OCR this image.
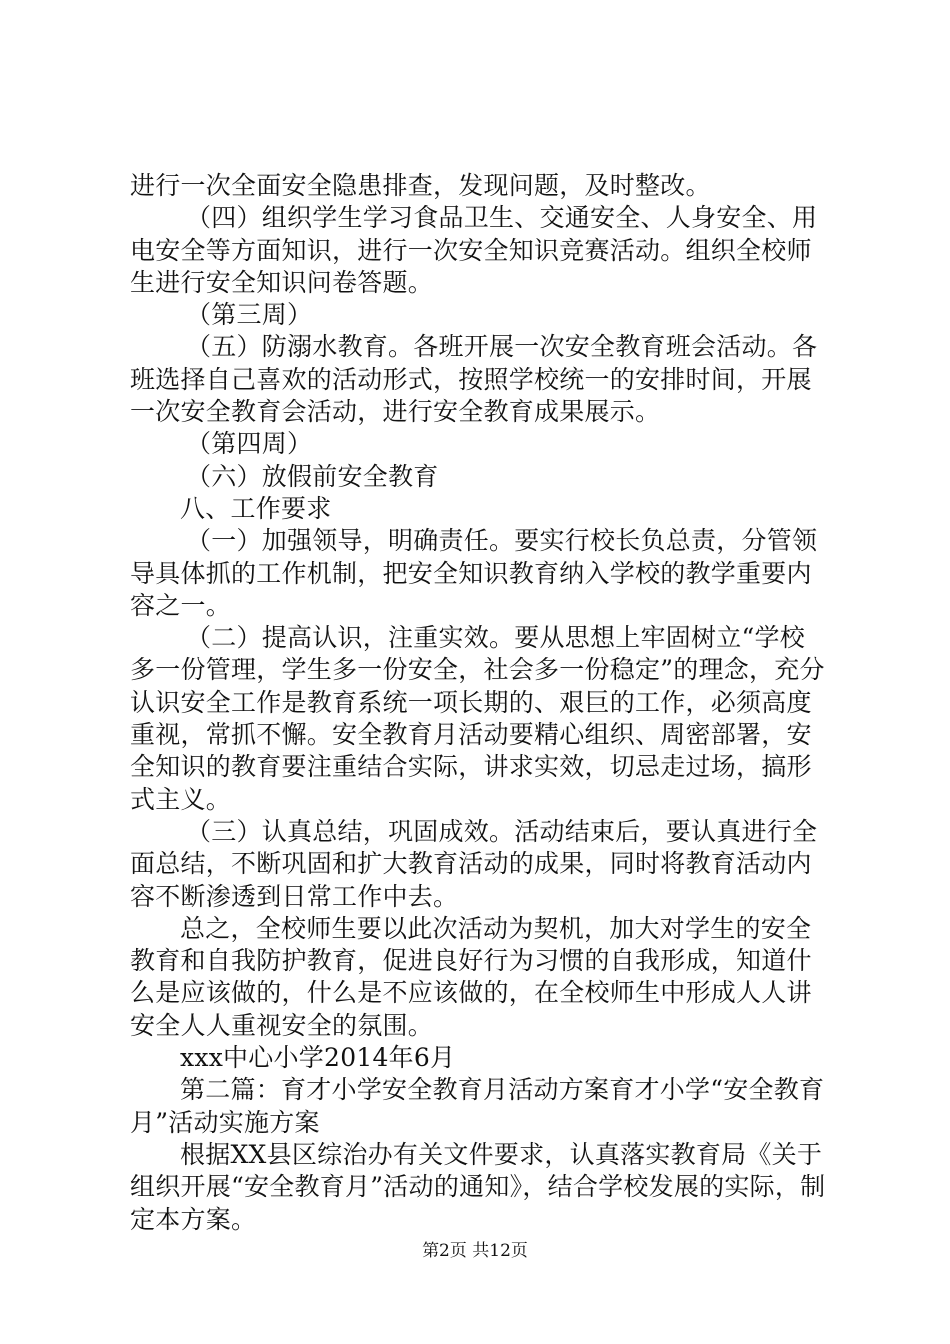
进行一次全面安全隐患排查，发现问题，及时整改。

（四）组织学生学习食品卫生、交通安全、人身安全、用电安全等方面知识，进行一次安全知识竞赛活动。组织全校师生进行安全知识问卷答题。

（第三周）

（五）防溺水教育。各班开展一次安全教育班会活动。各班选择自己喜欢的活动形式，按照学校统一的安排时间，开展一次安全教育会活动，进行安全教育成果展示。

（第四周）

（六）放假前安全教育

八、工作要求

（一）加强领导，明确责任。要实行校长负总责，分管领导具体抓的工作机制，把安全知识教育纳入学校的教学重要内容之一。

（二）提高认识，注重实效。要从思想上牢固树立“学校多一份管理，学生多一份安全，社会多一份稳定”的理念，充分认识安全工作是教育系统一项长期的、艰巨的工作，必须高度重视，常抓不懈。安全教育月活动要精心组织、周密部署，安全知识的教育要注重结合实际，讲求实效，切忌走过场，搞形式主义。

（三）认真总结，巩固成效。活动结束后，要认真进行全面总结，不断巩固和扩大教育活动的成果，同时将教育活动内容不断渗透到日常工作中去。

总之，全校师生要以此次活动为契机，加大对学生的安全教育和自我防护教育，促进良好行为习惯的自我形成，知道什么是应该做的，什么是不应该做的，在全校师生中形成人人讲安全人人重视安全的氛围。

xxx中心小学2014年6月

第二篇：育才小学安全教育月活动方案育才小学“安全教育月”活动实施方案

根据XX县区综治办有关文件要求，认真落实教育局《关于组织开展“安全教育月”活动的通知》，结合学校发展的实际，制定本方案。

第2页 共12页
